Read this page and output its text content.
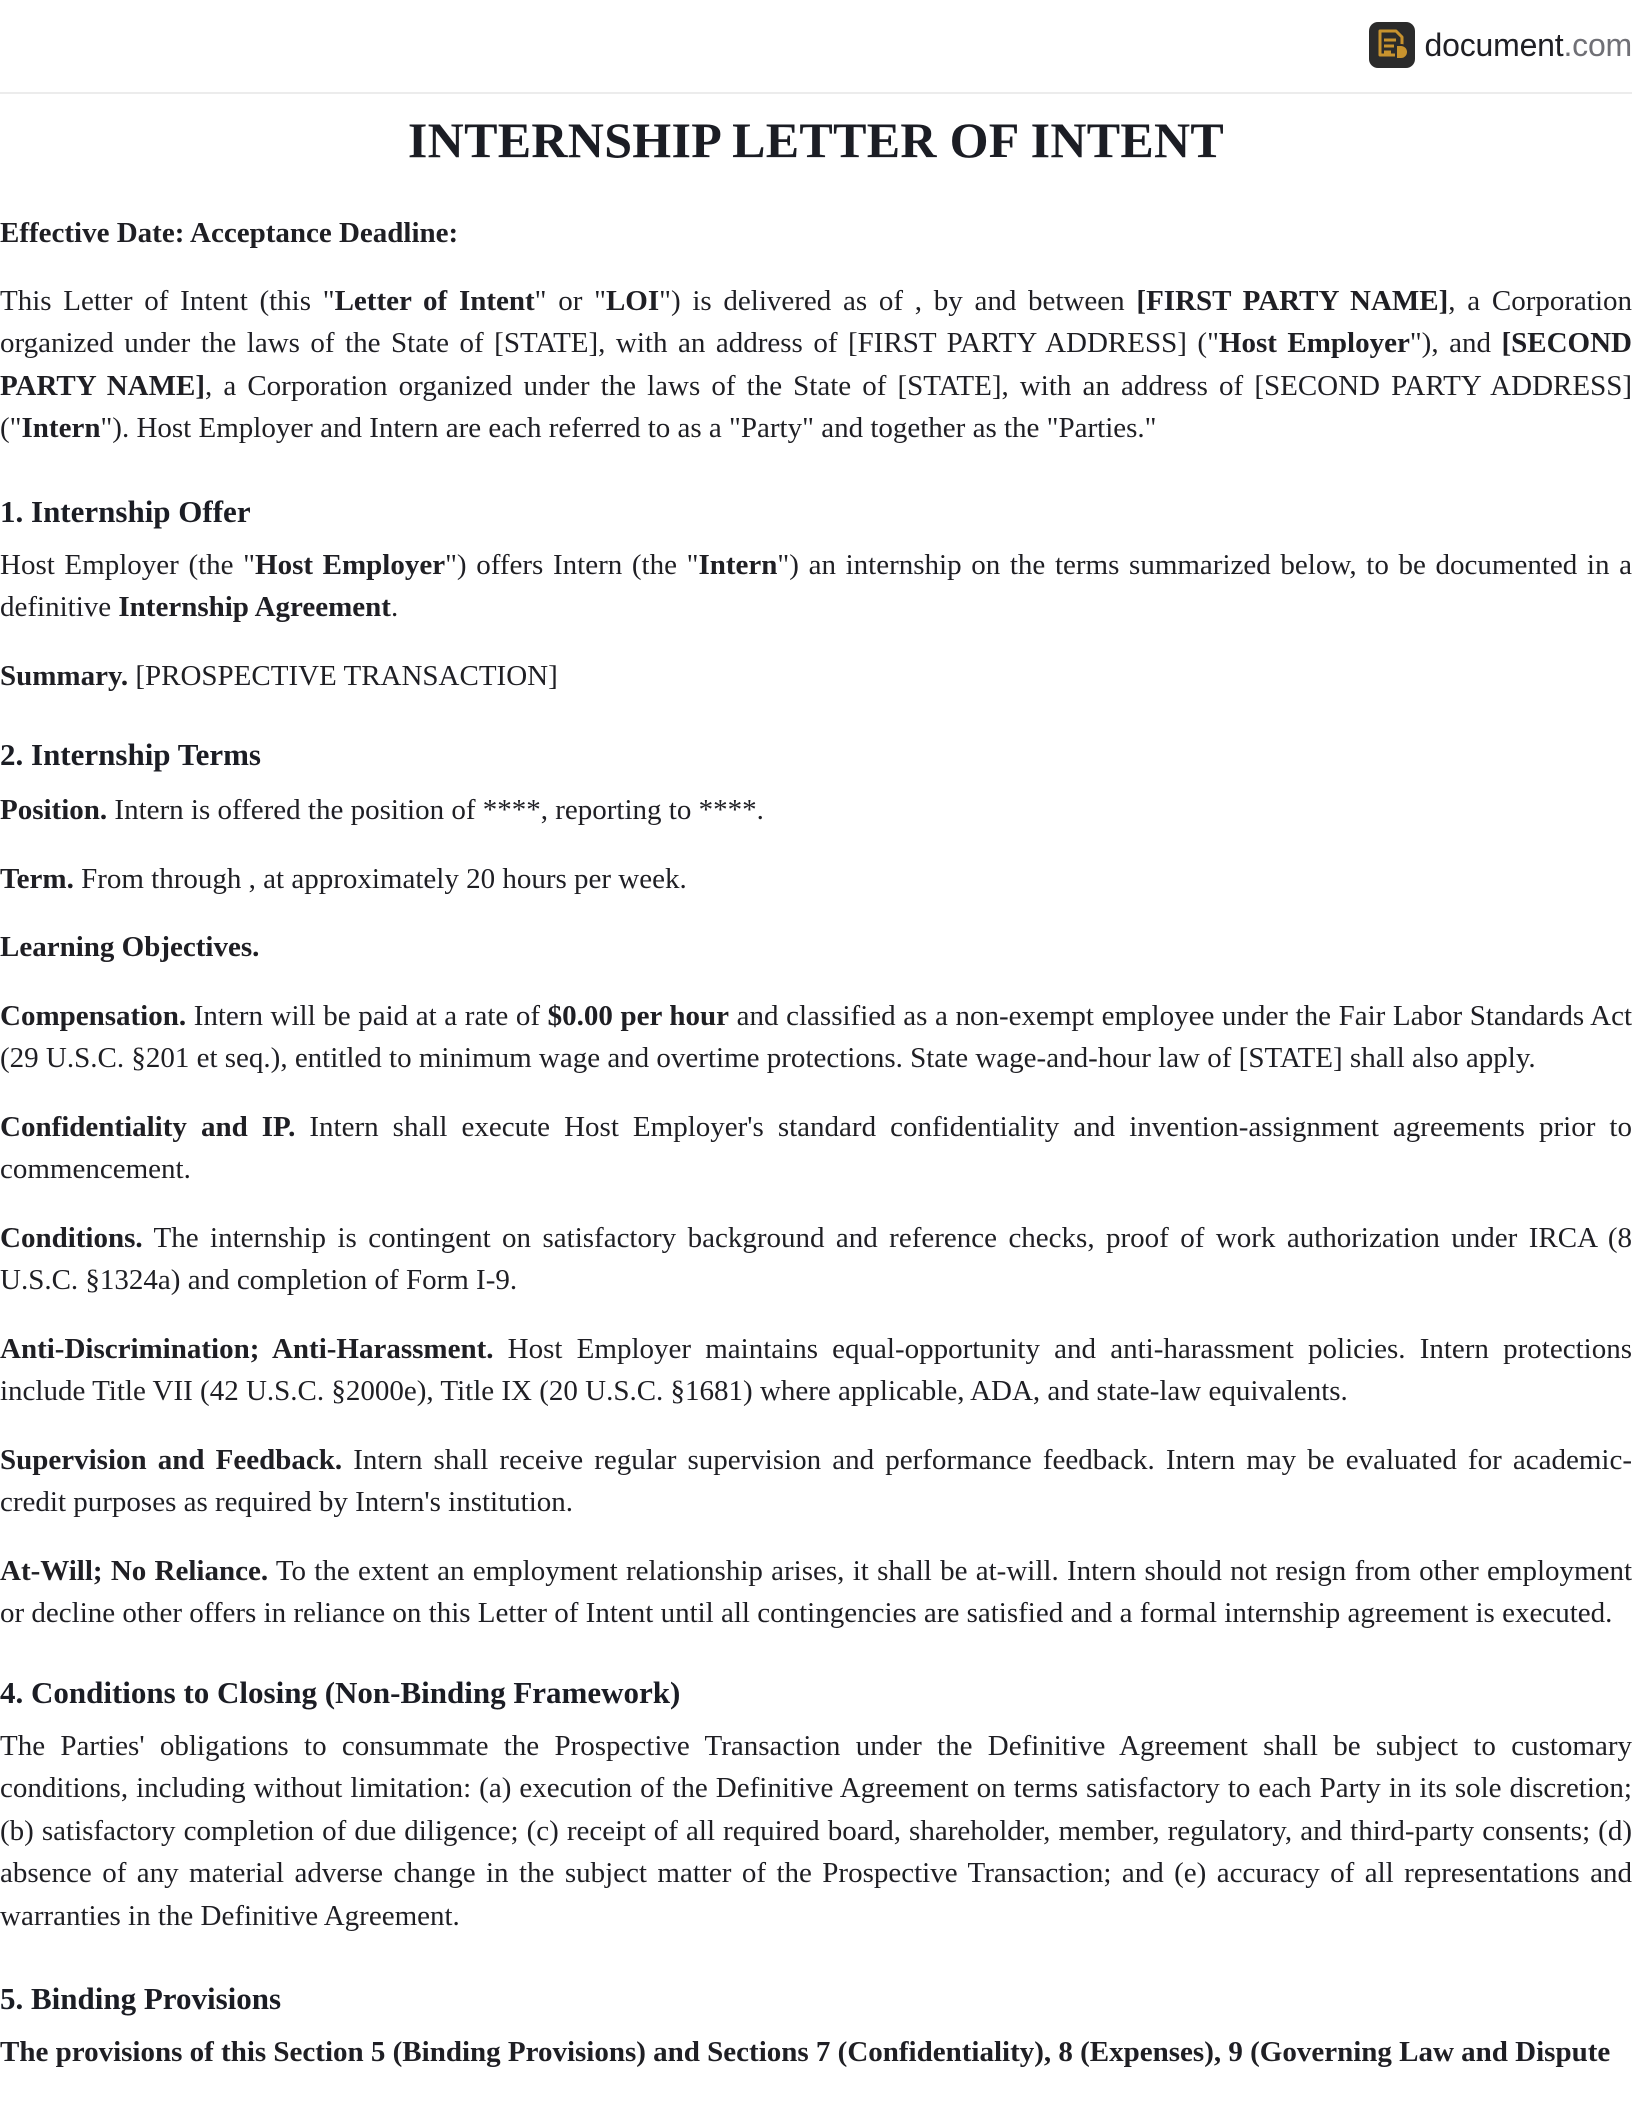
document.com
INTERNSHIP LETTER OF INTENT

Effective Date: Acceptance Deadline:

This Letter of Intent (this "Letter of Intent" or "LOI") is delivered as of , by and between [FIRST PARTY NAME], a Corporation organized under the laws of the State of [STATE], with an address of [FIRST PARTY ADDRESS] ("Host Employer"), and [SECOND PARTY NAME], a Corporation organized under the laws of the State of [STATE], with an address of [SECOND PARTY ADDRESS] ("Intern"). Host Employer and Intern are each referred to as a "Party" and together as the "Parties."

1. Internship Offer

Host Employer (the "Host Employer") offers Intern (the "Intern") an internship on the terms summarized below, to be documented in a definitive Internship Agreement.

Summary. [PROSPECTIVE TRANSACTION]

2. Internship Terms

Position. Intern is offered the position of ****, reporting to ****.

Term. From through , at approximately 20 hours per week.

Learning Objectives.

Compensation. Intern will be paid at a rate of $0.00 per hour and classified as a non-exempt employee under the Fair Labor Standards Act (29 U.S.C. §201 et seq.), entitled to minimum wage and overtime protections. State wage-and-hour law of [STATE] shall also apply.

Confidentiality and IP. Intern shall execute Host Employer's standard confidentiality and invention-assignment agreements prior to commencement.

Conditions. The internship is contingent on satisfactory background and reference checks, proof of work authorization under IRCA (8 U.S.C. §1324a) and completion of Form I-9.

Anti-Discrimination; Anti-Harassment. Host Employer maintains equal-opportunity and anti-harassment policies. Intern protections include Title VII (42 U.S.C. §2000e), Title IX (20 U.S.C. §1681) where applicable, ADA, and state-law equivalents.

Supervision and Feedback. Intern shall receive regular supervision and performance feedback. Intern may be evaluated for academic-credit purposes as required by Intern's institution.

At-Will; No Reliance. To the extent an employment relationship arises, it shall be at-will. Intern should not resign from other employment or decline other offers in reliance on this Letter of Intent until all contingencies are satisfied and a formal internship agreement is executed.

4. Conditions to Closing (Non-Binding Framework)

The Parties' obligations to consummate the Prospective Transaction under the Definitive Agreement shall be subject to customary conditions, including without limitation: (a) execution of the Definitive Agreement on terms satisfactory to each Party in its sole discretion; (b) satisfactory completion of due diligence; (c) receipt of all required board, shareholder, member, regulatory, and third-party consents; (d) absence of any material adverse change in the subject matter of the Prospective Transaction; and (e) accuracy of all representations and warranties in the Definitive Agreement.

5. Binding Provisions

The provisions of this Section 5 (Binding Provisions) and Sections 7 (Confidentiality), 8 (Expenses), 9 (Governing Law and Dispute
